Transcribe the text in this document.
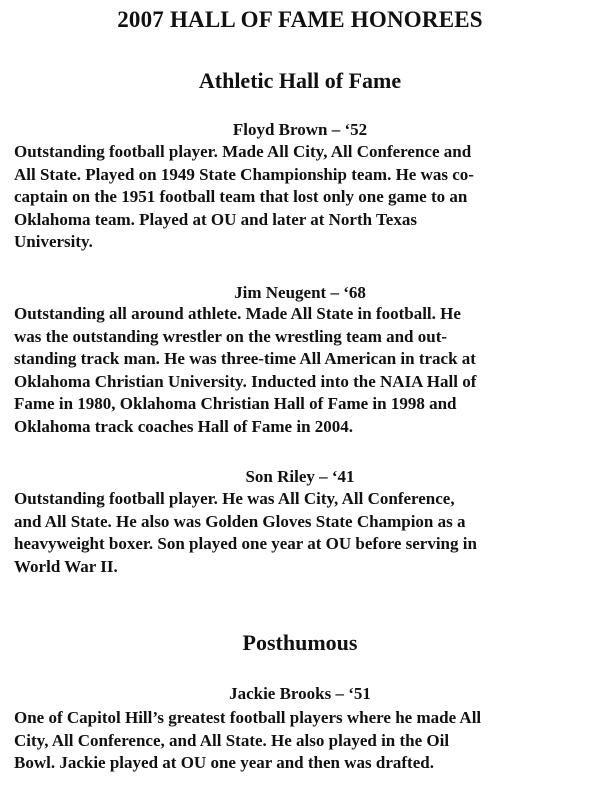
2007 HALL OF FAME HONOREES
Athletic Hall of Fame
Floyd Brown – ‘52
Outstanding football player. Made All City, All Conference and
All State. Played on 1949 State Championship team. He was co-
captain on the 1951 football team that lost only one game to an
Oklahoma team. Played at OU and later at North Texas
University.
Jim Neugent – ‘68
Outstanding all around athlete. Made All State in football. He
was the outstanding wrestler on the wrestling team and out-
standing track man. He was three-time All American in track at
Oklahoma Christian University. Inducted into the NAIA Hall of
Fame in 1980, Oklahoma Christian Hall of Fame in 1998 and
Oklahoma track coaches Hall of Fame in 2004.
Son Riley – ‘41
Outstanding football player. He was All City, All Conference,
and All State. He also was Golden Gloves State Champion as a
heavyweight boxer. Son played one year at OU before serving in
World War II.
Posthumous
Jackie Brooks – ‘51
One of Capitol Hill’s greatest football players where he made All
City, All Conference, and All State. He also played in the Oil
Bowl. Jackie played at OU one year and then was drafted.
